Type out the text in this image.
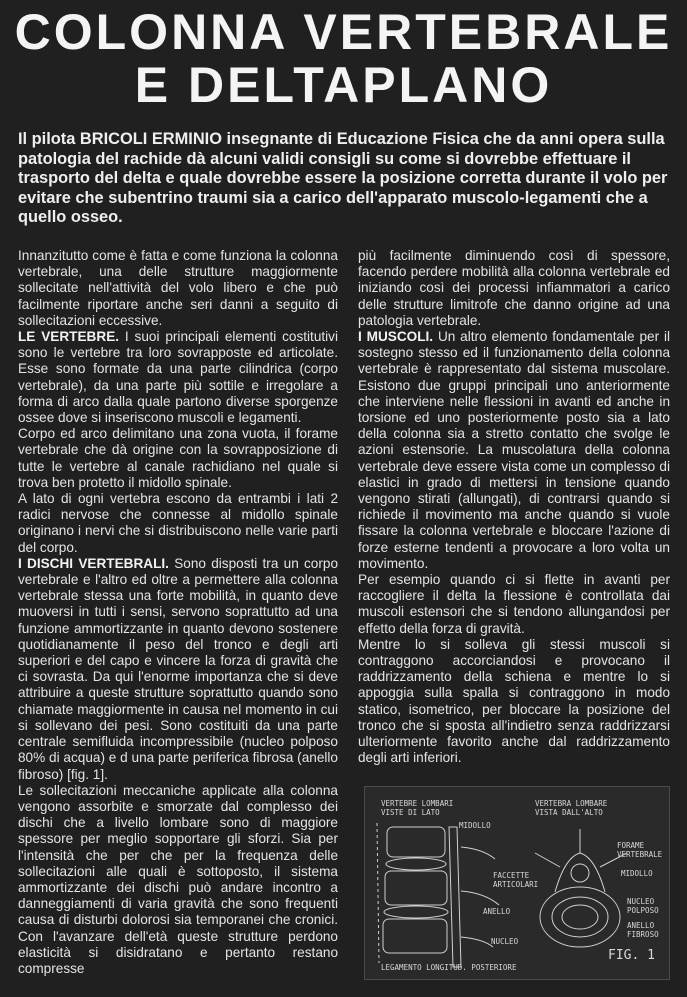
COLONNA VERTEBRALE
E DELTAPLANO
Il pilota BRICOLI ERMINIO insegnante di Educazione Fisica che da anni opera sulla patologia del rachide dà alcuni validi consigli su come si dovrebbe effettuare il trasporto del delta e quale dovrebbe essere la posizione corretta durante il volo per evitare che subentrino traumi sia a carico dell'apparato muscolo-legamenti che a quello osseo.

Innanzitutto come è fatta e come funziona la colonna vertebrale, una delle strutture maggiormente sollecitate nell'attività del volo libero e che può facilmente riportare anche seri danni a seguito di sollecitazioni eccessive.

LE VERTEBRE. I suoi principali elementi costitutivi sono le vertebre tra loro sovrapposte ed articolate. Esse sono formate da una parte cilindrica (corpo vertebrale), da una parte più sottile e irregolare a forma di arco dalla quale partono diverse sporgenze ossee dove si inseriscono muscoli e legamenti.

Corpo ed arco delimitano una zona vuota, il forame vertebrale che dà origine con la sovrapposizione di tutte le vertebre al canale rachidiano nel quale si trova ben protetto il midollo spinale.

A lato di ogni vertebra escono da entrambi i lati 2 radici nervose che connesse al midollo spinale originano i nervi che si distribuiscono nelle varie parti del corpo.

I DISCHI VERTEBRALI. Sono disposti tra un corpo vertebrale e l'altro ed oltre a permettere alla colonna vertebrale stessa una forte mobilità, in quanto deve muoversi in tutti i sensi, servono soprattutto ad una funzione ammortizzante in quanto devono sostenere quotidianamente il peso del tronco e degli arti superiori e del capo e vincere la forza di gravità che ci sovrasta. Da qui l'enorme importanza che si deve attribuire a queste strutture soprattutto quando sono chiamate maggiormente in causa nel momento in cui si sollevano dei pesi. Sono costituiti da una parte centrale semifluida incompressibile (nucleo polposo 80% di acqua) e d una parte periferica fibrosa (anello fibroso) [fig. 1].

Le sollecitazioni meccaniche applicate alla colonna vengono assorbite e smorzate dal complesso dei dischi che a livello lombare sono di maggiore spessore per meglio sopportare gli sforzi. Sia per l'intensità che per che per la frequenza delle sollecitazioni alle quali è sottoposto, il sistema ammortizzante dei dischi può andare incontro a danneggiamenti di varia gravità che sono frequenti causa di disturbi dolorosi sia temporanei che cronici. Con l'avanzare dell'età queste strutture perdono elasticità si disidratano e pertanto restano compresse

più facilmente diminuendo così di spessore, facendo perdere mobilità alla colonna vertebrale ed iniziando così dei processi infiammatori a carico delle strutture limitrofe che danno origine ad una patologia vertebrale.

I MUSCOLI. Un altro elemento fondamentale per il sostegno stesso ed il funzionamento della colonna vertebrale è rappresentato dal sistema muscolare. Esistono due gruppi principali uno anteriormente che interviene nelle flessioni in avanti ed anche in torsione ed uno posteriormente posto sia a lato della colonna sia a stretto contatto che svolge le azioni estensorie. La muscolatura della colonna vertebrale deve essere vista come un complesso di elastici in grado di mettersi in tensione quando vengono stirati (allungati), di contrarsi quando si richiede il movimento ma anche quando si vuole fissare la colonna vertebrale e bloccare l'azione di forze esterne tendenti a provocare a loro volta un movimento.

Per esempio quando ci si flette in avanti per raccogliere il delta la flessione è controllata dai muscoli estensori che si tendono allungandosi per effetto della forza di gravità.

Mentre lo si solleva gli stessi muscoli si contraggono accorciandosi e provocano il raddrizzamento della schiena e mentre lo si appoggia sulla spalla si contraggono in modo statico, isometrico, per bloccare la posizione del tronco che si sposta all'indietro senza raddrizzarsi ulteriormente favorito anche dal raddrizzamento degli arti inferiori.

VERTEBRE LOMBARI
VISTE DI LATO
VERTEBRA LOMBARE
VISTA DALL'ALTO
MIDOLLO
FACCETTE
ARTICOLARI
ANELLO
NUCLEO
FORAME
VERTEBRALE
MIDOLLO
NUCLEO
POLPOSO
ANELLO
FIBROSO
LEGAMENTO LONGITUD. POSTERIORE
FIG. 1
